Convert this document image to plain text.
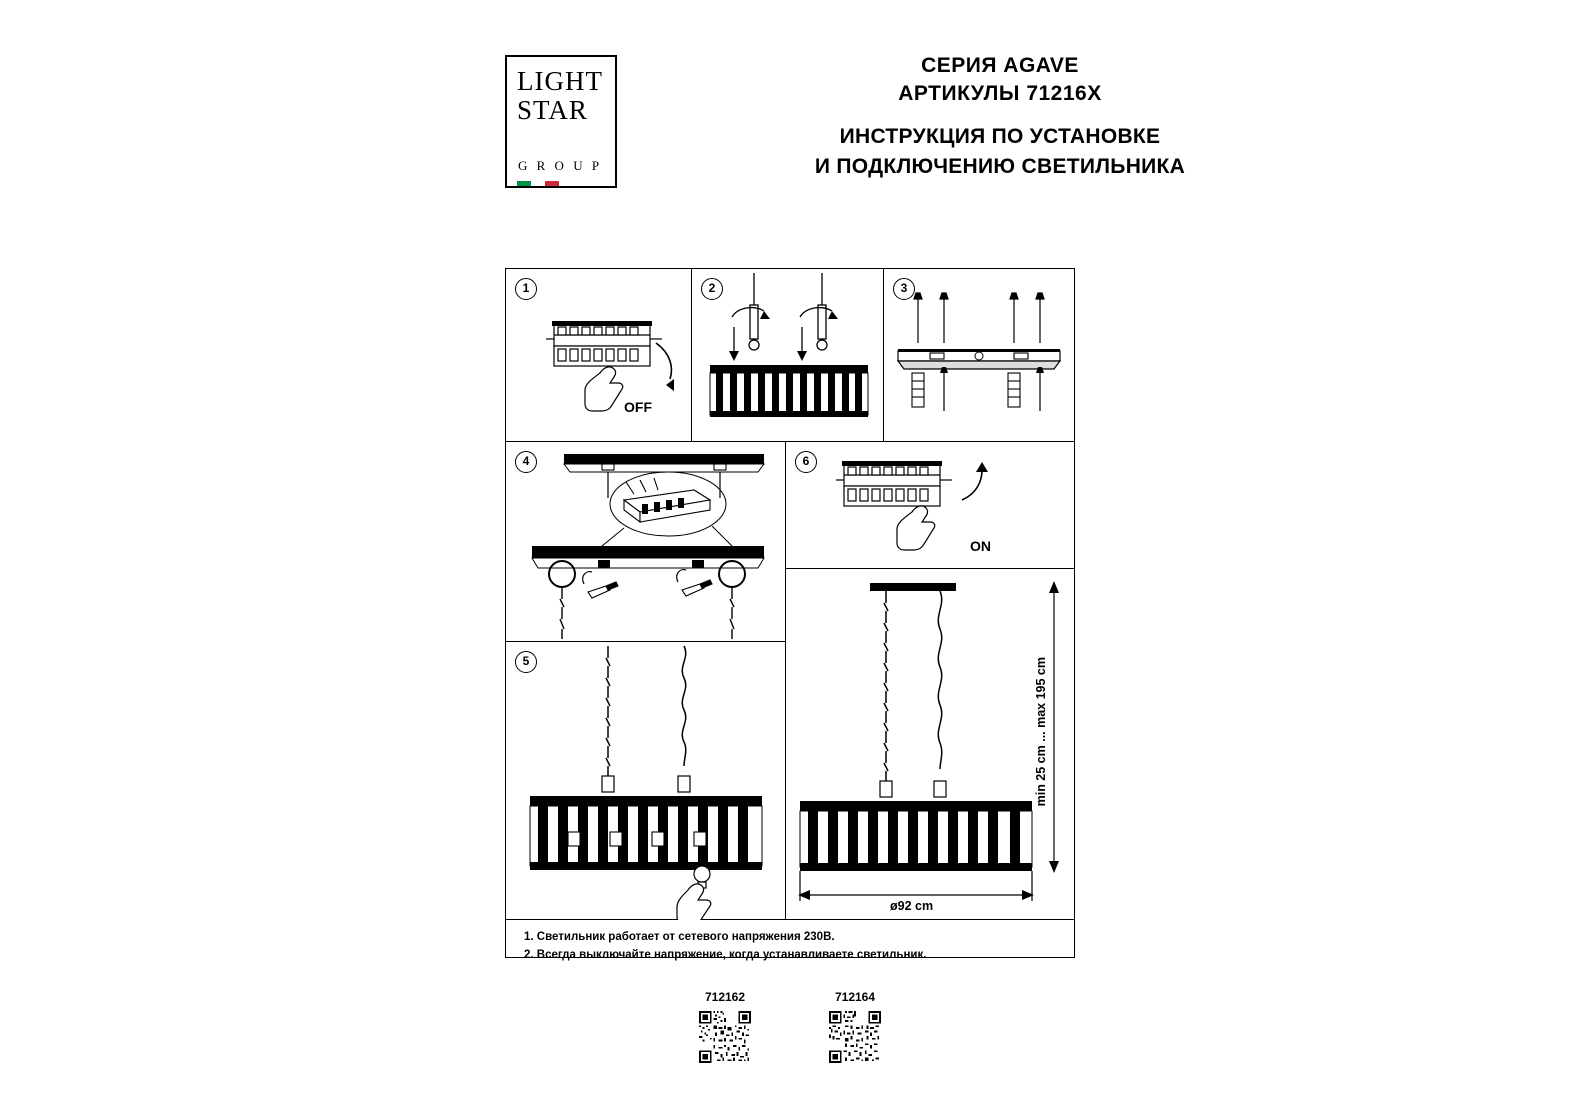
LIGHT
STAR
G R O U P
СЕРИЯ AGAVE
АРТИКУЛЫ 71216X
ИНСТРУКЦИЯ ПО УСТАНОВКЕ
И ПОДКЛЮЧЕНИЮ СВЕТИЛЬНИКА
1
OFF
2	3
4	6
ON
5	min 25 cm ... max 195 cm
ø92 cm
1. Светильник работает от сетевого напряжения 230В.
2. Всегда выключайте напряжение, когда устанавливаете светильник.
712162	712164
